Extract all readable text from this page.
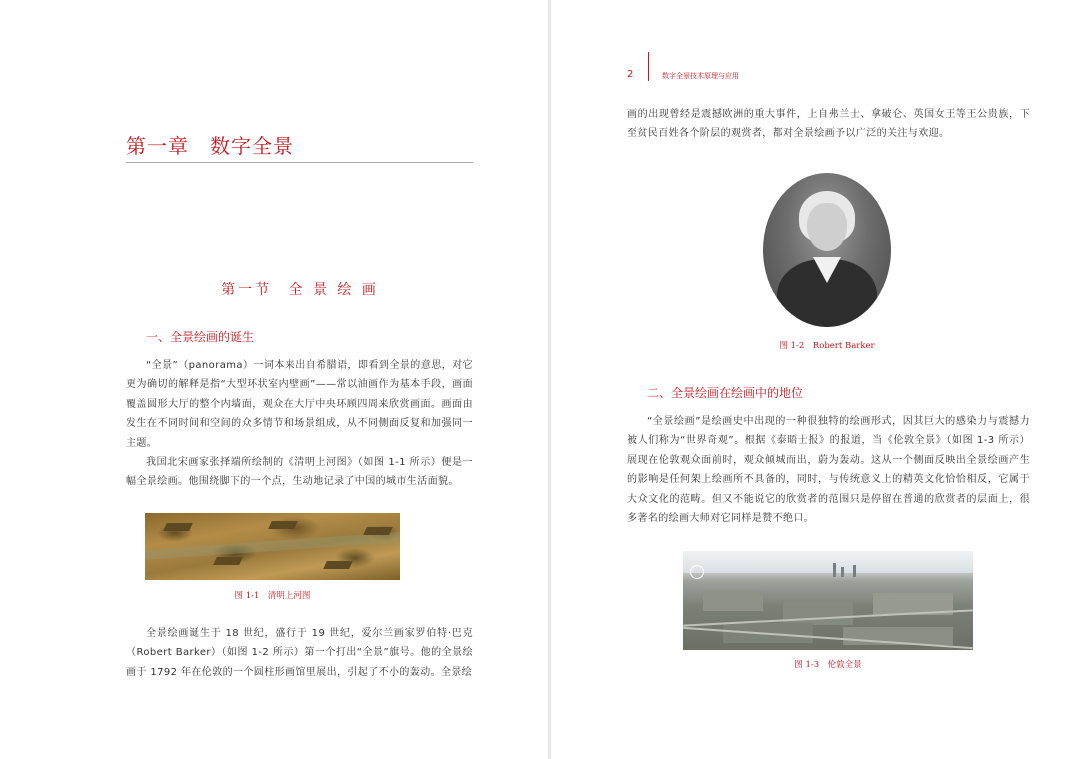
第一章　数字全景
第一节 全 景 绘 画
一、全景绘画的诞生
“全景”（panorama）一词本来出自希腊语，即看到全景的意思，对它更为确切的解释是指“大型环状室内壁画”——常以油画作为基本手段，画面覆盖圆形大厅的整个内墙面，观众在大厅中央环顾四周来欣赏画面。画面由发生在不同时间和空间的众多情节和场景组成，从不同侧面反复和加强同一主题。
我国北宋画家张择端所绘制的《清明上河图》（如图 1-1 所示）便是一幅全景绘画。他围绕脚下的一个点，生动地记录了中国的城市生活面貌。
图 1-1　清明上河图
全景绘画诞生于 18 世纪，盛行于 19 世纪，爱尔兰画家罗伯特·巴克（Robert Barker）（如图 1-2 所示）第一个打出“全景”旗号。他的全景绘画于 1792 年在伦敦的一个圆柱形画馆里展出，引起了不小的轰动。全景绘
2	数字全景技术原理与应用
画的出现曾经是震撼欧洲的重大事件，上自弗兰士、拿破仑、英国女王等王公贵族，下至贫民百姓各个阶层的观赏者，都对全景绘画予以广泛的关注与欢迎。
图 1-2　Robert Barker
二、全景绘画在绘画中的地位
“全景绘画”是绘画史中出现的一种很独特的绘画形式，因其巨大的感染力与震撼力被人们称为“世界奇观”。根据《泰晤士报》的报道，当《伦敦全景》（如图 1-3 所示）展现在伦敦观众面前时，观众倾城而出，蔚为轰动。这从一个侧面反映出全景绘画产生的影响是任何架上绘画所不具备的，同时，与传统意义上的精英文化恰恰相反，它属于大众文化的范畴。但又不能说它的欣赏者的范围只是停留在普通的欣赏者的层面上，很多著名的绘画大师对它同样是赞不绝口。
图 1-3　伦敦全景
